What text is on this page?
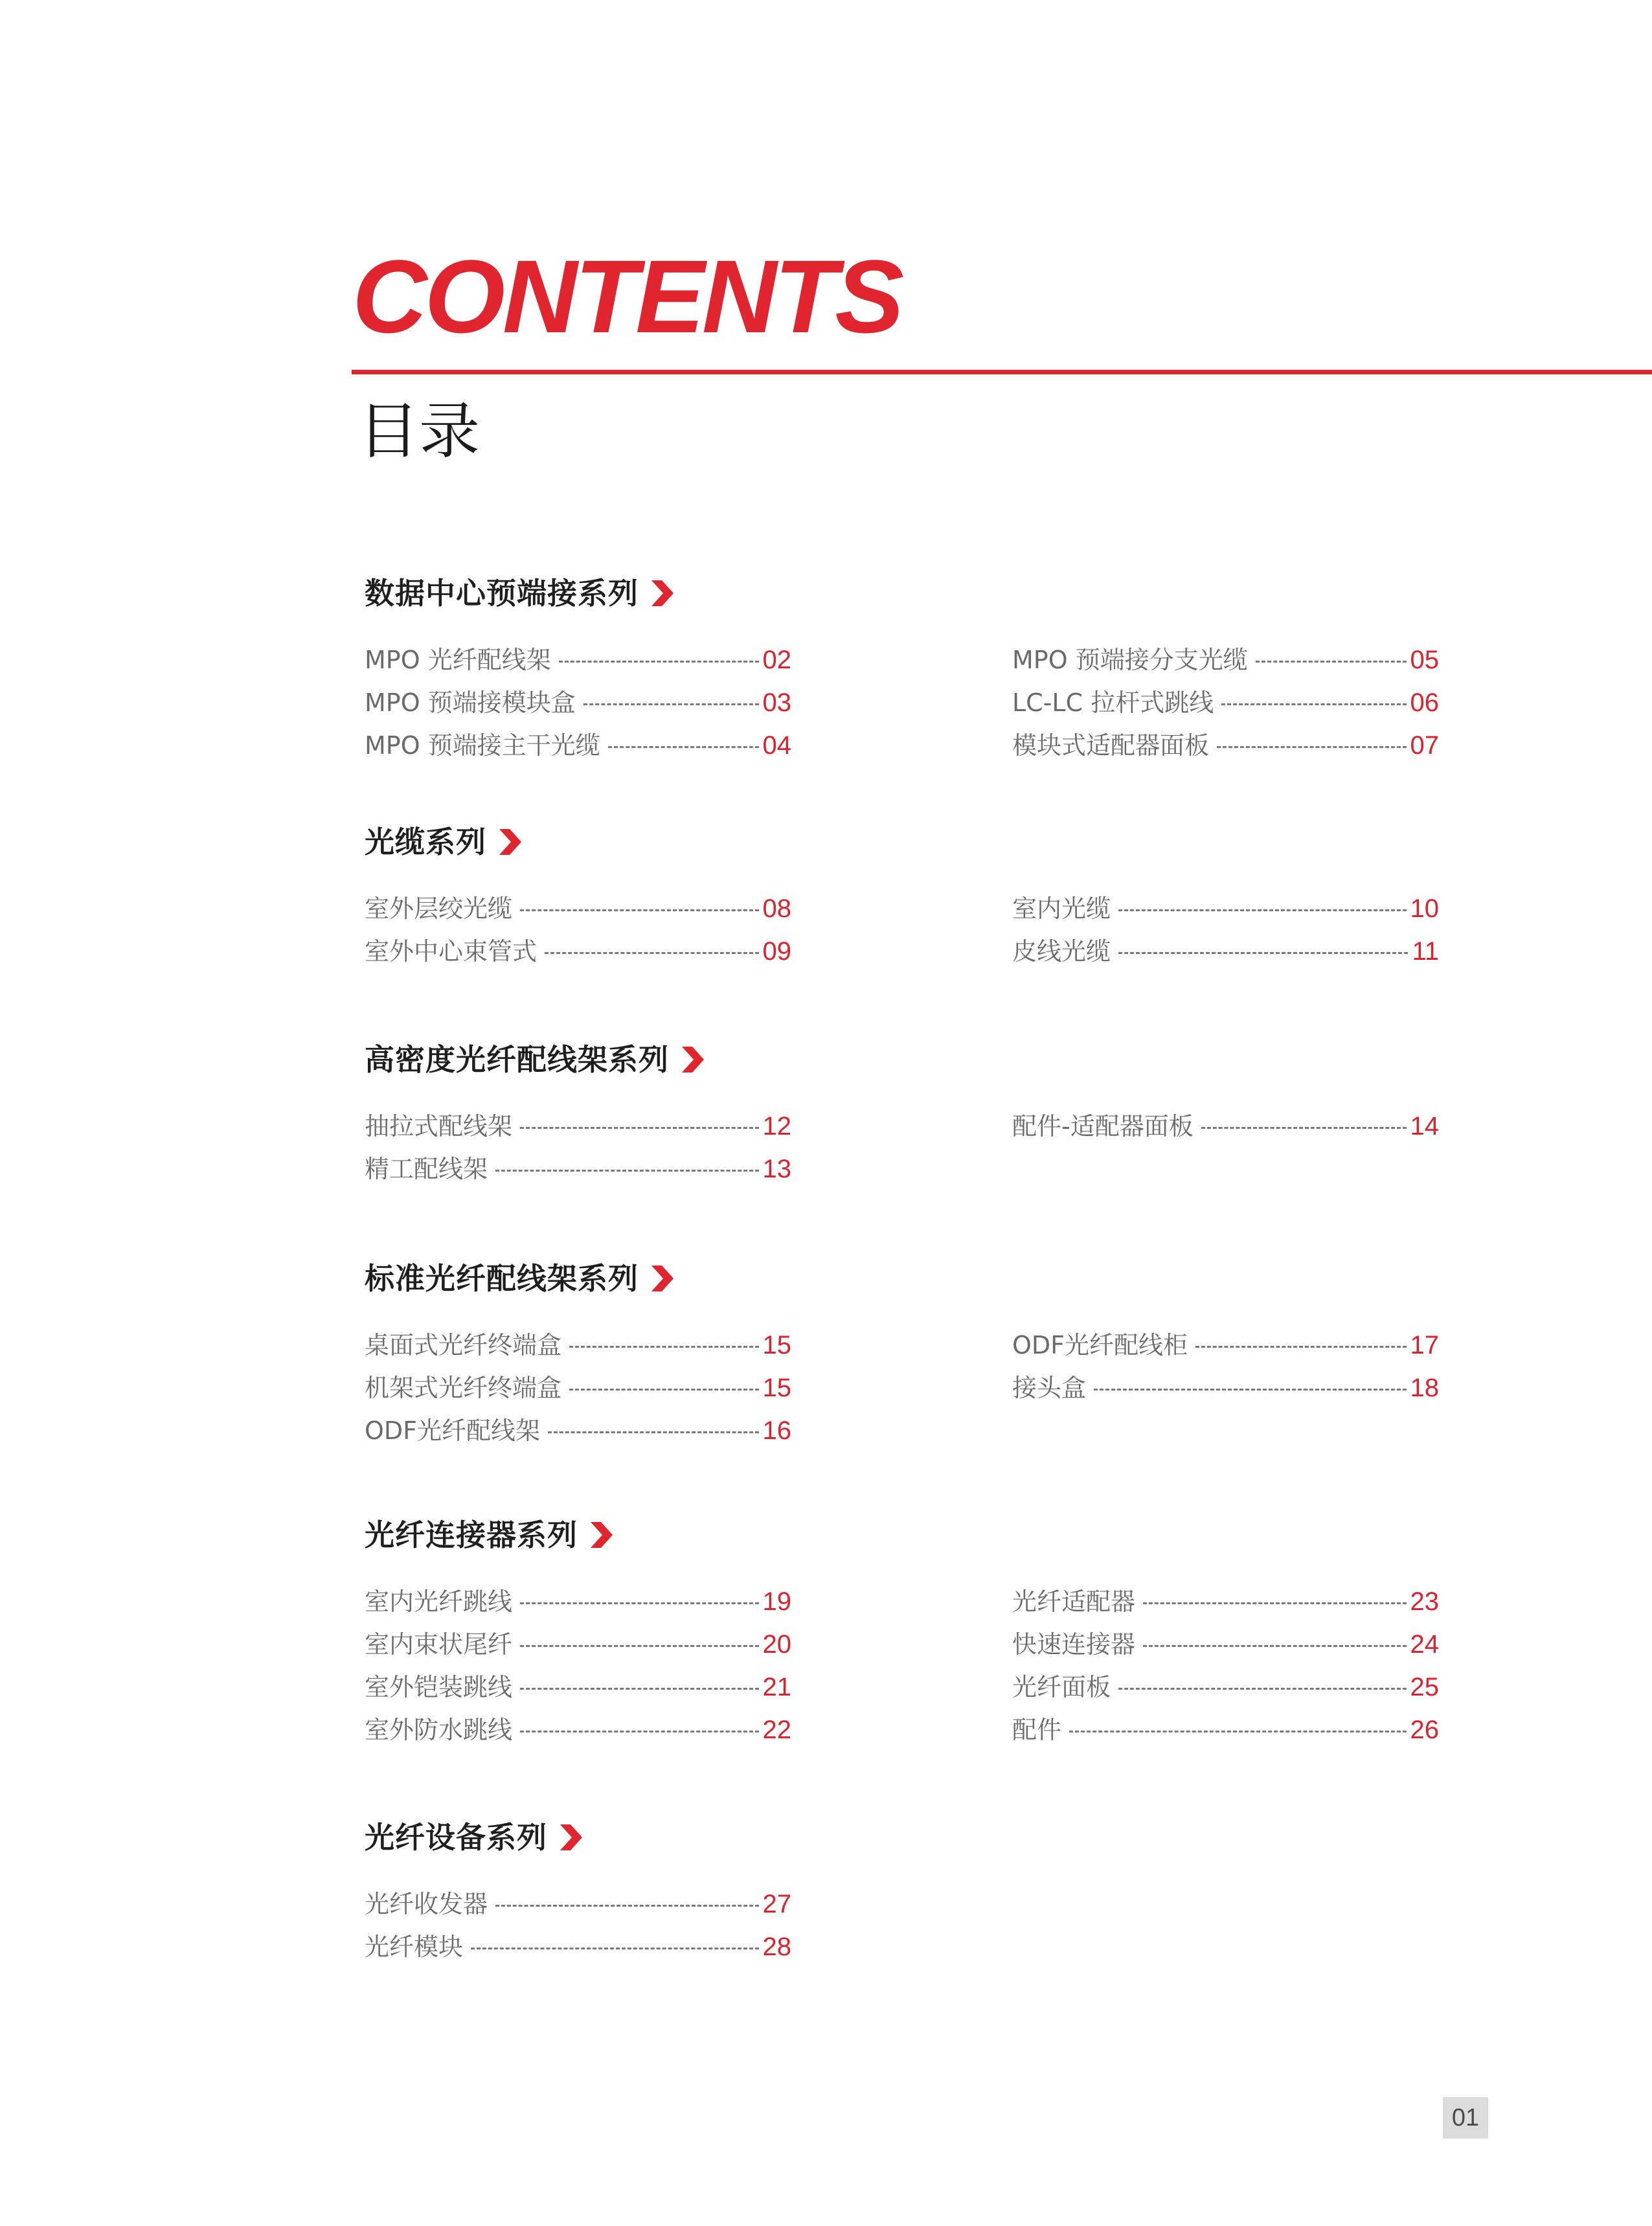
CONTENTS
目录
数据中心预端接系列
MPO 光纤配线架	02
MPO 预端接模块盒	03
MPO 预端接主干光缆	04
MPO 预端接分支光缆	05
LC-LC 拉杆式跳线	06
模块式适配器面板	07
光缆系列
室外层绞光缆	08
室外中心束管式	09
室内光缆	10
皮线光缆	11
高密度光纤配线架系列
抽拉式配线架	12
精工配线架	13
配件-适配器面板	14
标准光纤配线架系列
桌面式光纤终端盒	15
机架式光纤终端盒	15
ODF光纤配线架	16
ODF光纤配线柜	17
接头盒	18
光纤连接器系列
室内光纤跳线	19
室内束状尾纤	20
室外铠装跳线	21
室外防水跳线	22
光纤适配器	23
快速连接器	24
光纤面板	25
配件	26
光纤设备系列
光纤收发器	27
光纤模块	28
01
